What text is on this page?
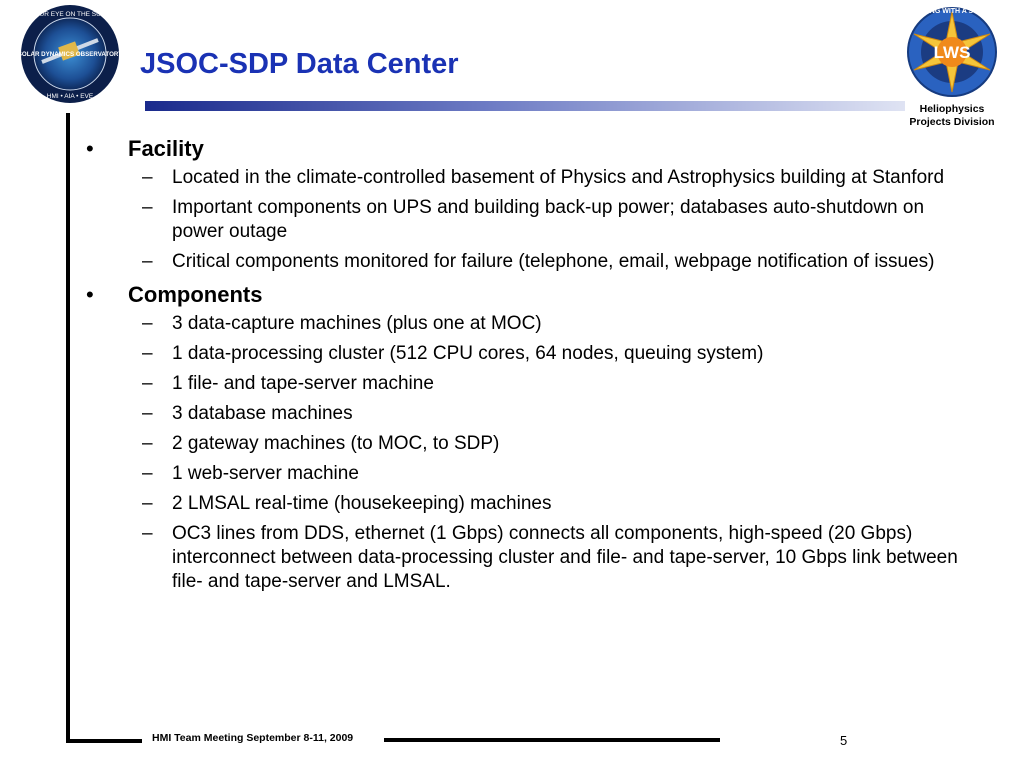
OUR EYE ON THE SUN
SOLAR DYNAMICS OBSERVATORY
HMI • AIA • EVE
LIVING WITH A STAR
LWS
JSOC-SDP Data Center
Heliophysics
Projects Division

• Facility

– Located in the climate-controlled basement of Physics and Astrophysics building at Stanford
– Important components on UPS and building back-up power; databases auto-shutdown on power outage
– Critical components monitored for failure (telephone, email, webpage notification of issues)

• Components

– 3 data-capture machines (plus one at MOC)
– 1 data-processing cluster (512 CPU cores, 64 nodes, queuing system)
– 1 file- and tape-server machine
– 3 database machines
– 2 gateway machines (to MOC, to SDP)
– 1 web-server machine
– 2 LMSAL real-time (housekeeping) machines
– OC3 lines from DDS, ethernet (1 Gbps) connects all components, high-speed (20 Gbps) interconnect between data-processing cluster and file- and tape-server, 10 Gbps link between file- and tape-server and LMSAL.
HMI Team Meeting September 8-11, 2009	5
